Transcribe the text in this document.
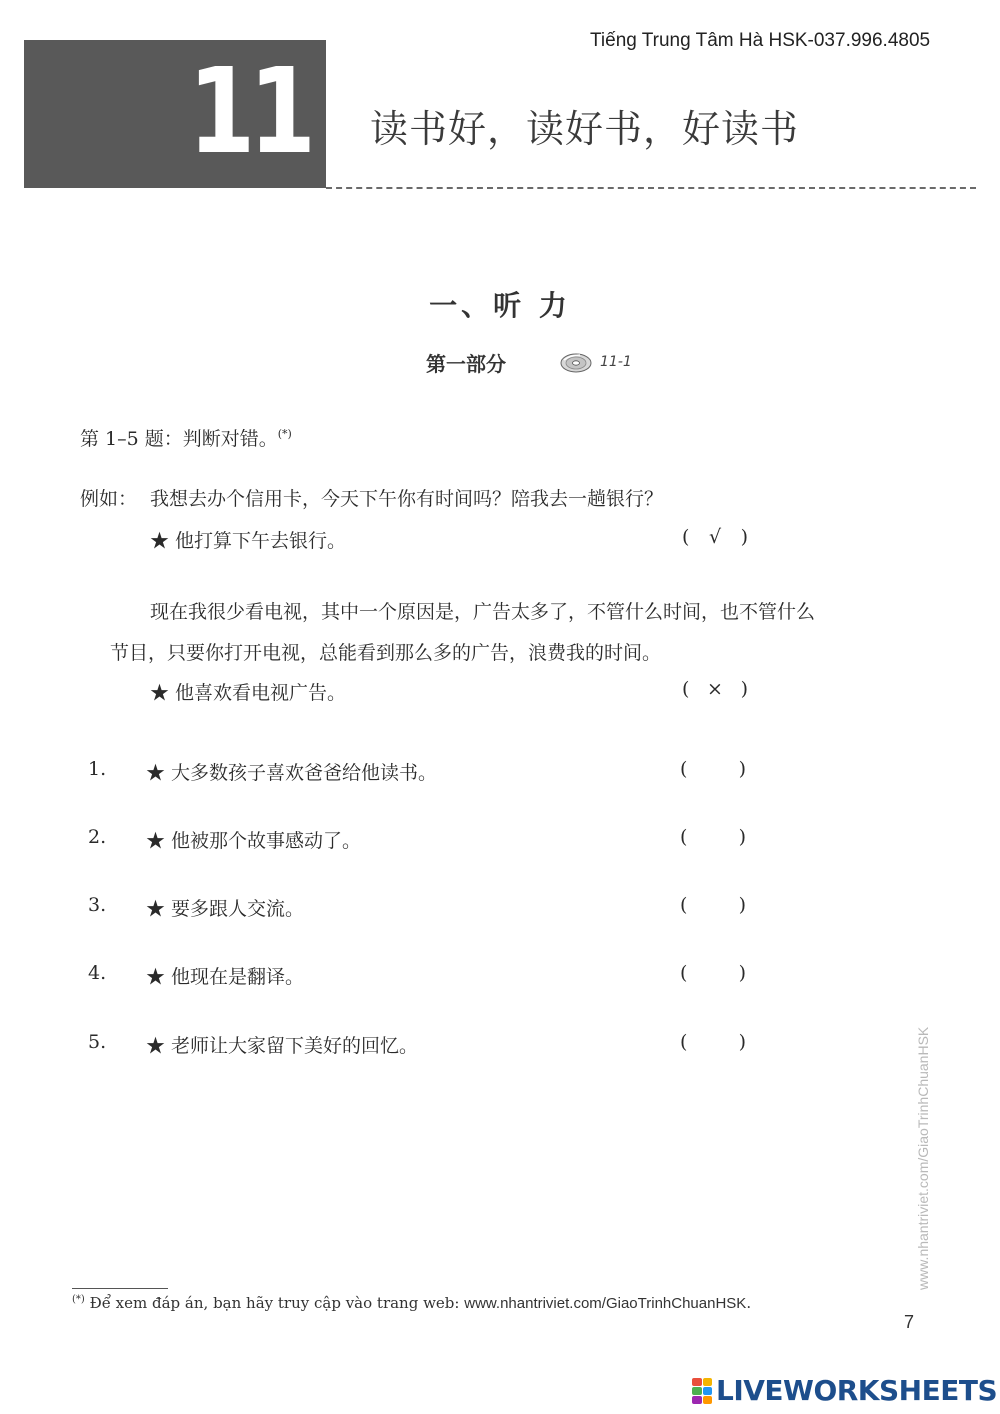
Tiếng Trung Tâm Hà HSK-037.996.4805
11 读书好，读好书，好读书
一、听 力
第一部分	11-1
第 1–5 题：判断对错。(*)
例如： 我想去办个信用卡，今天下午你有时间吗？陪我去一趟银行？
★ 他打算下午去银行。	(	√	)
现在我很少看电视，其中一个原因是，广告太多了，不管什么时间，也不管什么
节目，只要你打开电视，总能看到那么多的广告，浪费我的时间。
★ 他喜欢看电视广告。	( × )
1. ★ 大多数孩子喜欢爸爸给他读书。	(	)
2. ★ 他被那个故事感动了。	(	)
3. ★ 要多跟人交流。	(	)
4. ★ 他现在是翻译。	(	)
5. ★ 老师让大家留下美好的回忆。	(	)
(*) Để xem đáp án, bạn hãy truy cập vào trang web: www.nhantriviet.com/GiaoTrinhChuanHSK.
7
www.nhantriviet.com/GiaoTrinhChuanHSK
LIVEWORKSHEETS
